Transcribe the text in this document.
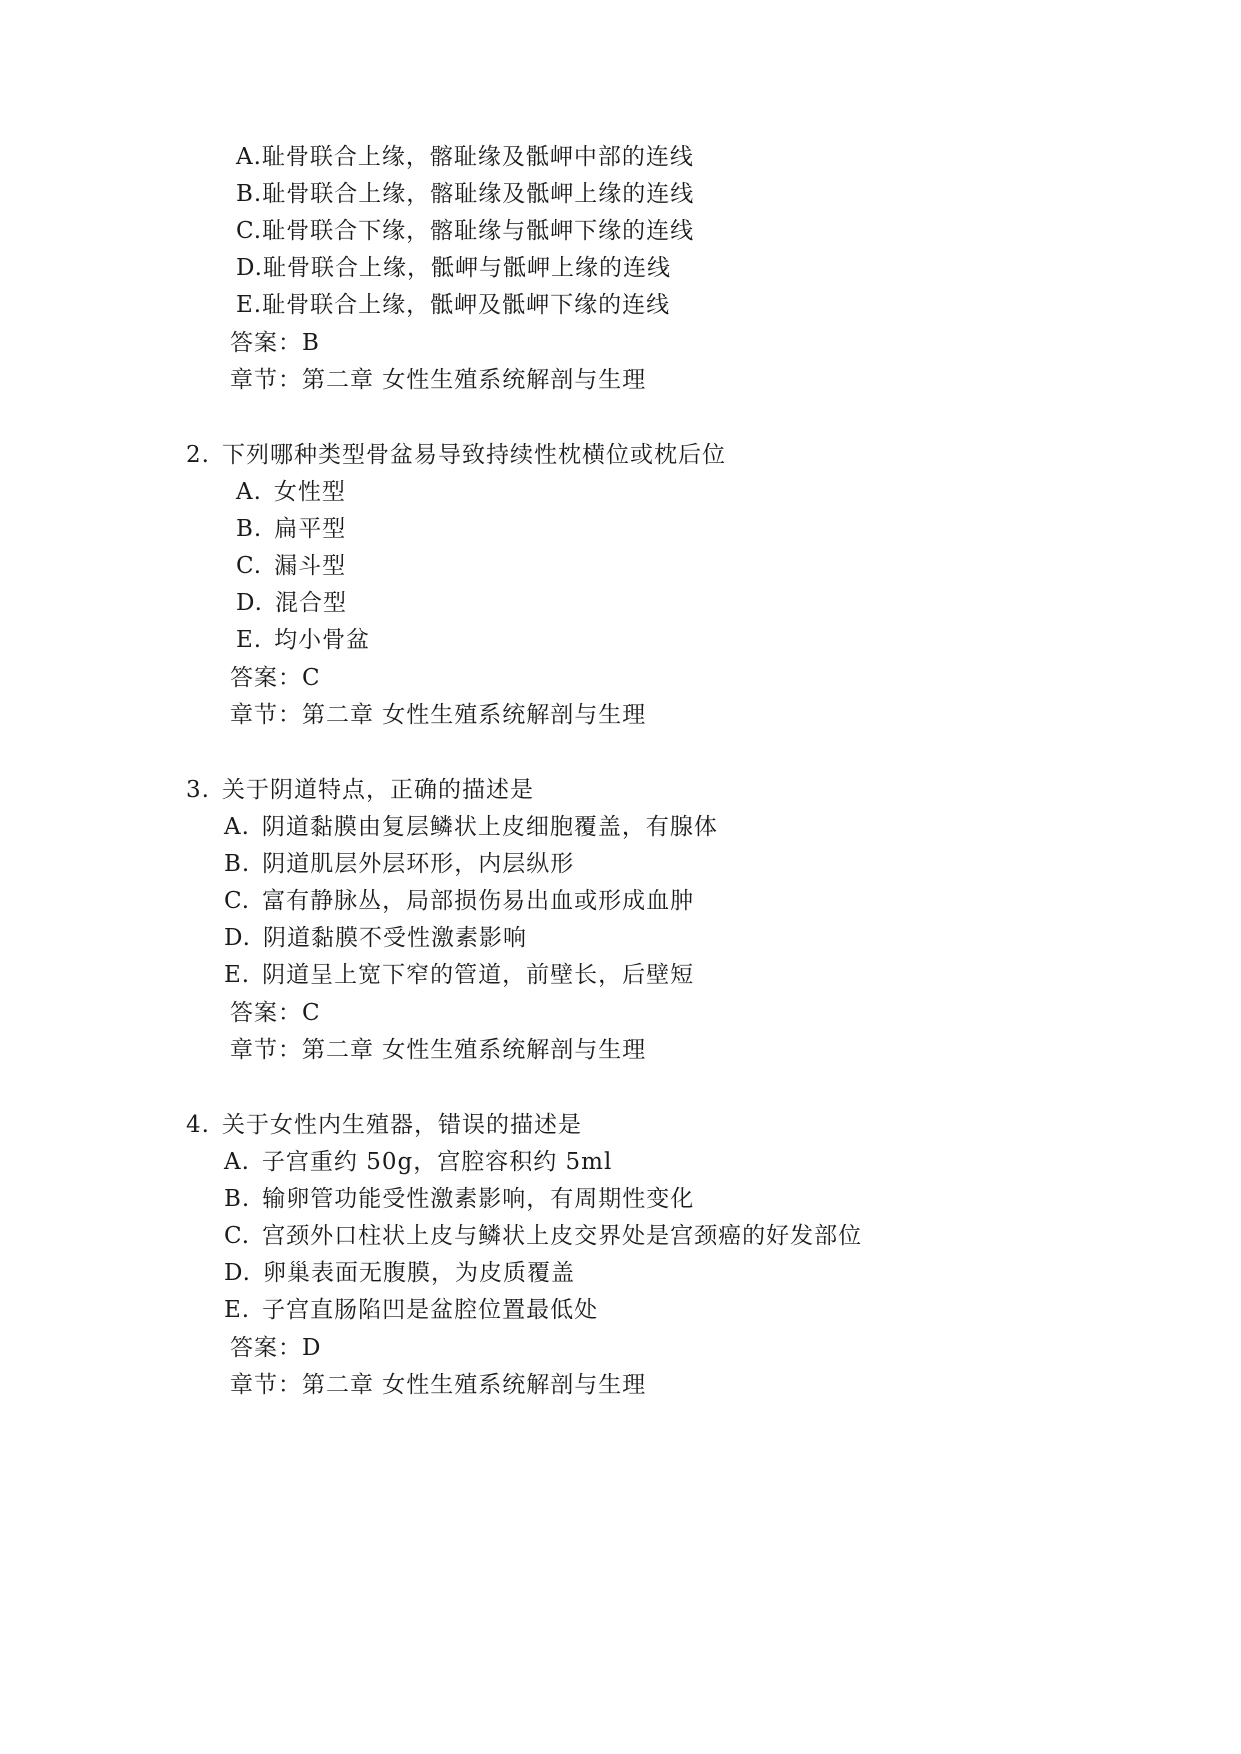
A.耻骨联合上缘，髂耻缘及骶岬中部的连线
B.耻骨联合上缘，髂耻缘及骶岬上缘的连线
C.耻骨联合下缘，髂耻缘与骶岬下缘的连线
D.耻骨联合上缘，骶岬与骶岬上缘的连线
E.耻骨联合上缘，骶岬及骶岬下缘的连线
答案：B
章节：第二章 女性生殖系统解剖与生理
2. 下列哪种类型骨盆易导致持续性枕横位或枕后位
A. 女性型
B. 扁平型
C. 漏斗型
D. 混合型
E. 均小骨盆
答案：C
章节：第二章 女性生殖系统解剖与生理
3. 关于阴道特点，正确的描述是
A. 阴道黏膜由复层鳞状上皮细胞覆盖，有腺体
B. 阴道肌层外层环形，内层纵形
C. 富有静脉丛，局部损伤易出血或形成血肿
D. 阴道黏膜不受性激素影响
E. 阴道呈上宽下窄的管道，前壁长，后壁短
答案：C
章节：第二章 女性生殖系统解剖与生理
4. 关于女性内生殖器，错误的描述是
A. 子宫重约 50g，宫腔容积约 5ml
B. 输卵管功能受性激素影响，有周期性变化
C. 宫颈外口柱状上皮与鳞状上皮交界处是宫颈癌的好发部位
D. 卵巢表面无腹膜，为皮质覆盖
E. 子宫直肠陷凹是盆腔位置最低处
答案：D
章节：第二章 女性生殖系统解剖与生理
